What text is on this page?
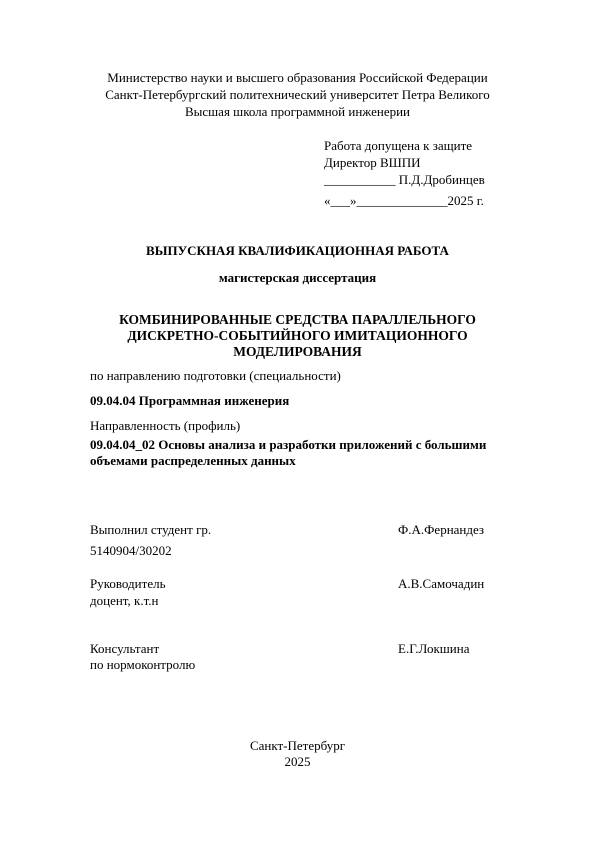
Министерство науки и высшего образования Российской Федерации
Санкт-Петербургский политехнический университет Петра Великого
Высшая школа программной инженерии
Работа допущена к защите
Директор ВШПИ
___________ П.Д.Дробинцев
«___»______________2025 г.
ВЫПУСКНАЯ КВАЛИФИКАЦИОННАЯ РАБОТА
магистерская диссертация
КОМБИНИРОВАННЫЕ СРЕДСТВА ПАРАЛЛЕЛЬНОГО
ДИСКРЕТНО-СОБЫТИЙНОГО ИМИТАЦИОННОГО
МОДЕЛИРОВАНИЯ
по направлению подготовки (специальности)
09.04.04 Программная инженерия
Направленность (профиль)
09.04.04_02 Основы анализа и разработки приложений с большими
объемами распределенных данных
Выполнил студент гр.	Ф.А.Фернандез
5140904/30202
Руководитель	А.В.Самочадин
доцент, к.т.н
Консультант	Е.Г.Локшина
по нормоконтролю
Санкт-Петербург
2025
